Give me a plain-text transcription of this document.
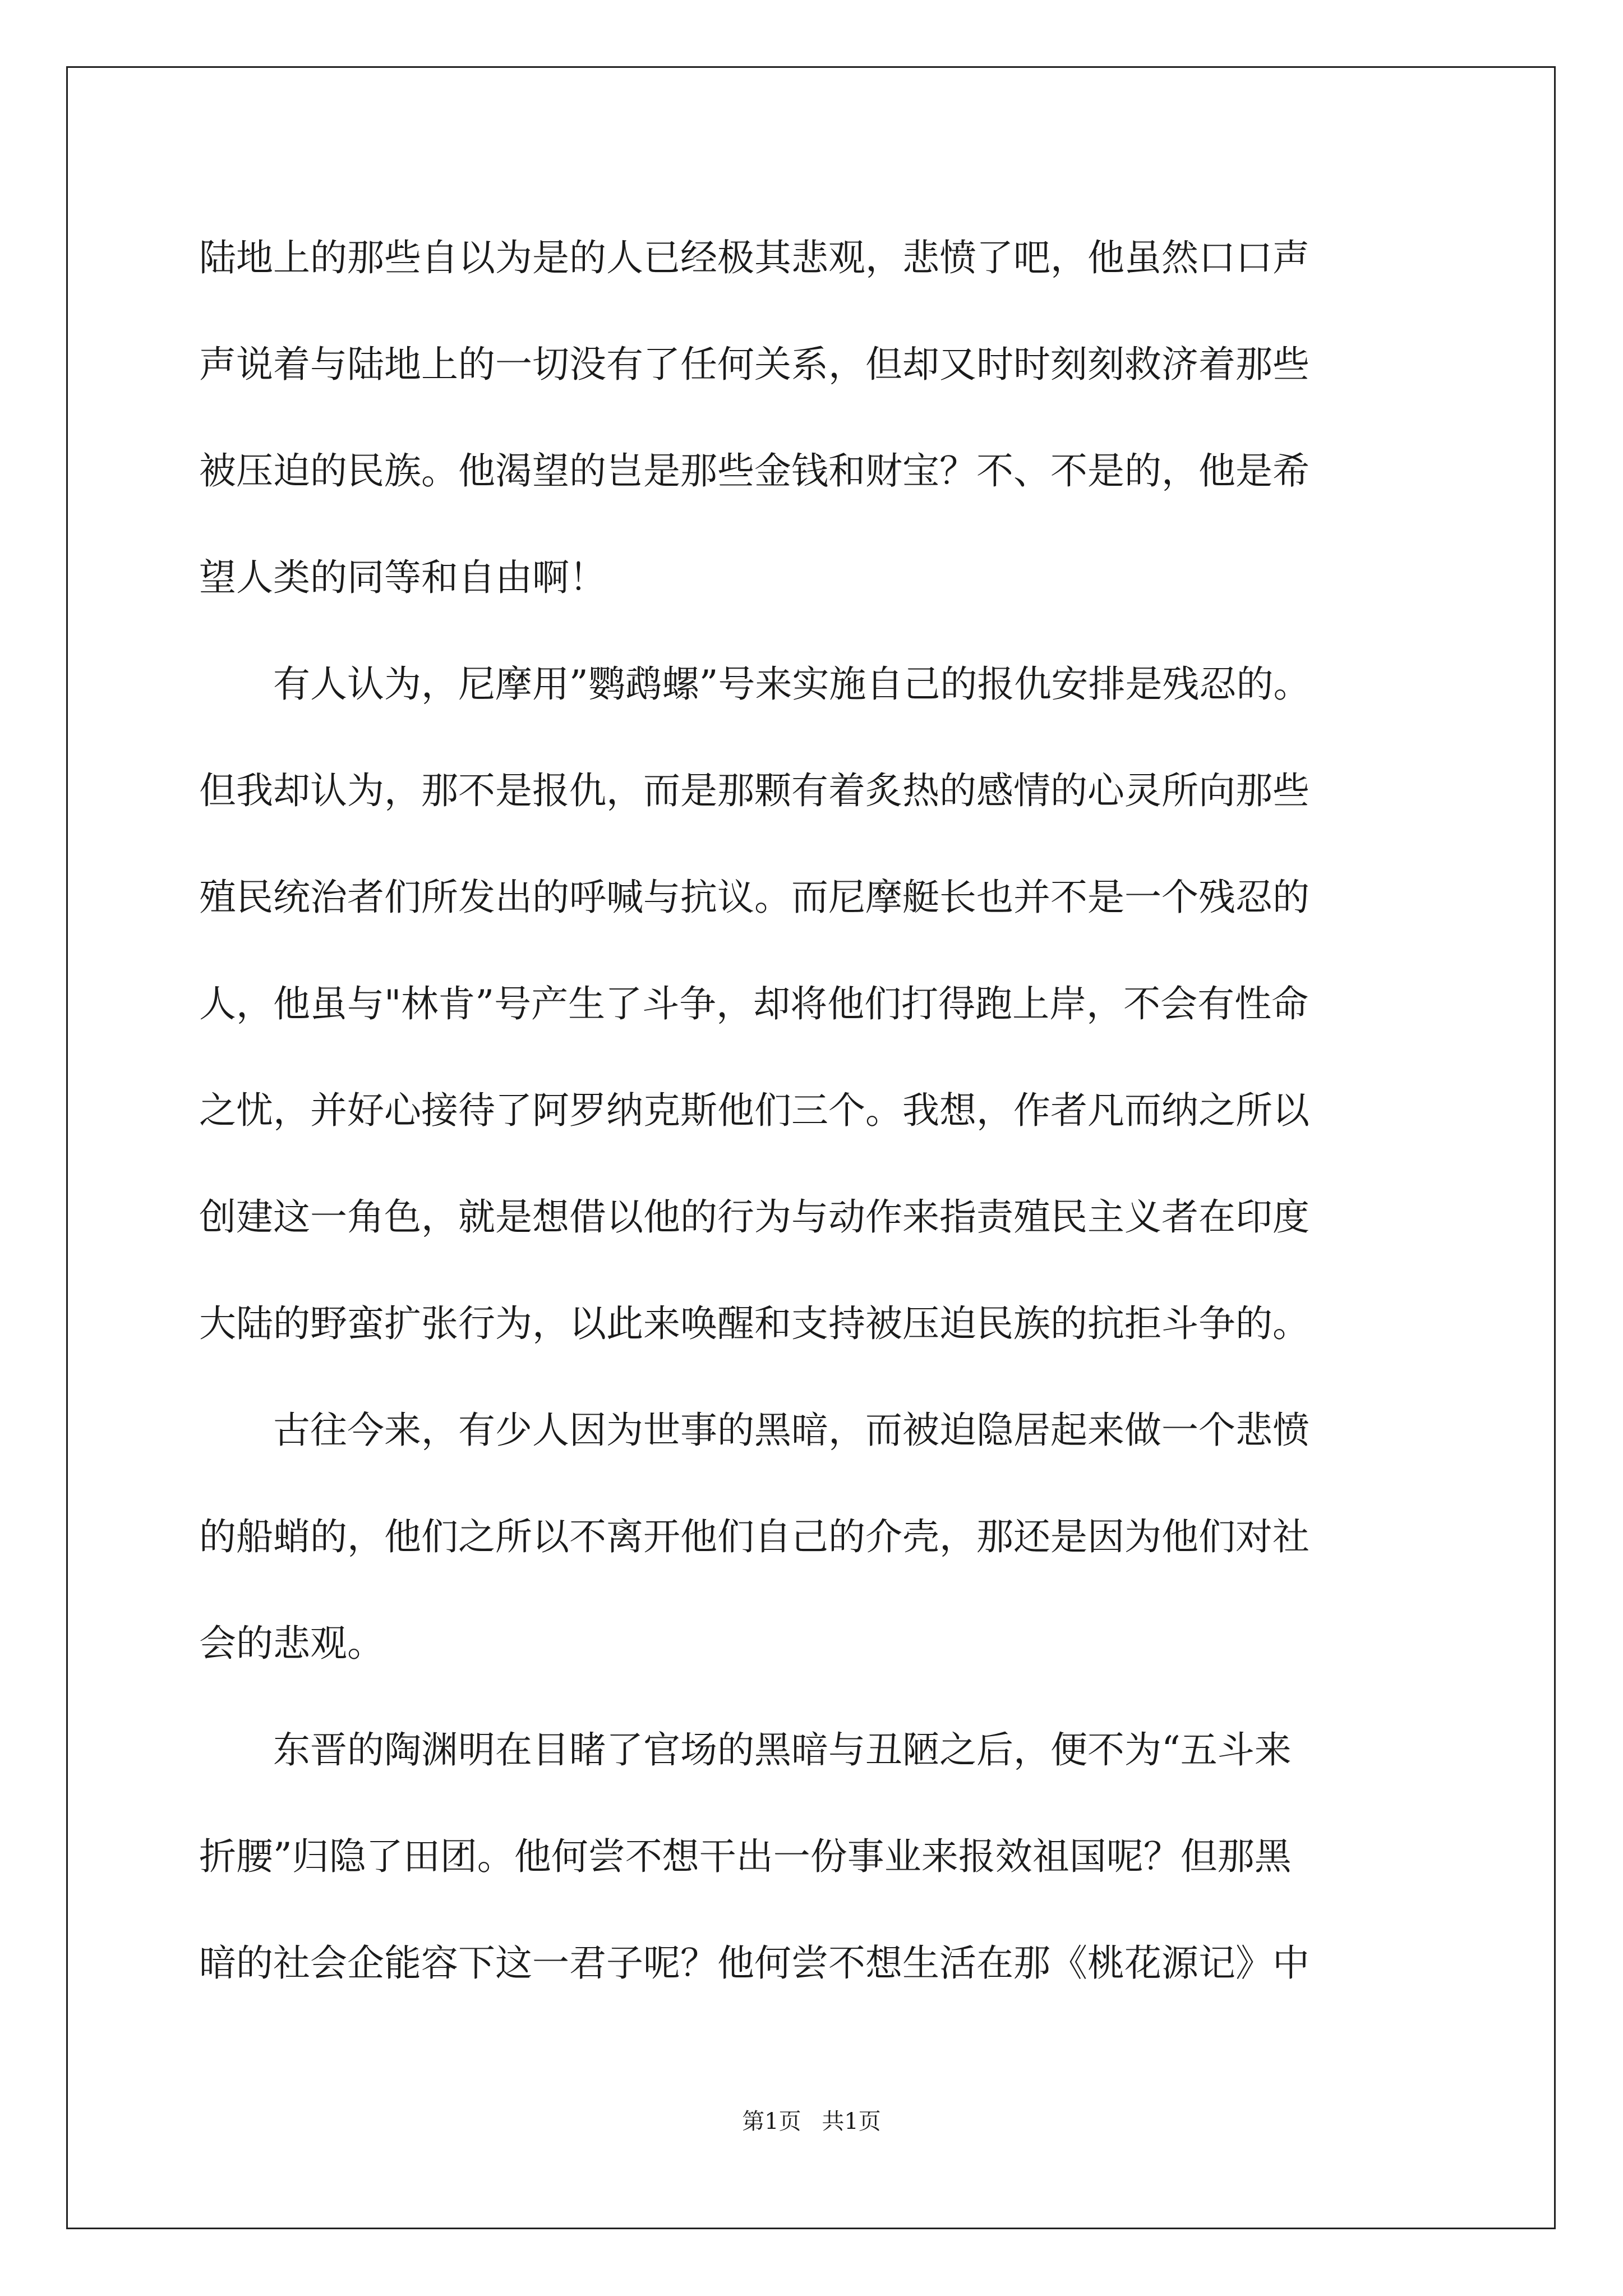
陆地上的那些自以为是的人已经极其悲观，悲愤了吧，他虽然口口声
声说着与陆地上的一切没有了任何关系，但却又时时刻刻救济着那些
被压迫的民族。他渴望的岂是那些金钱和财宝？不、不是的，他是希
望人类的同等和自由啊！
　　有人认为，尼摩用”鹦鹉螺”号来实施自己的报仇安排是残忍的。
但我却认为，那不是报仇，而是那颗有着炙热的感情的心灵所向那些
殖民统治者们所发出的呼喊与抗议。而尼摩艇长也并不是一个残忍的
人，他虽与"林肯”号产生了斗争，却将他们打得跑上岸，不会有性命
之忧，并好心接待了阿罗纳克斯他们三个。我想，作者凡而纳之所以
创建这一角色，就是想借以他的行为与动作来指责殖民主义者在印度
大陆的野蛮扩张行为，以此来唤醒和支持被压迫民族的抗拒斗争的。
　　古往今来，有少人因为世事的黑暗，而被迫隐居起来做一个悲愤
的船蛸的，他们之所以不离开他们自己的介壳，那还是因为他们对社
会的悲观。
　　东晋的陶渊明在目睹了官场的黑暗与丑陋之后，便不为“五斗来
折腰”归隐了田团。他何尝不想干出一份事业来报效祖国呢？但那黑
暗的社会企能容下这一君子呢？他何尝不想生活在那《桃花源记》中
第1页 共1页
